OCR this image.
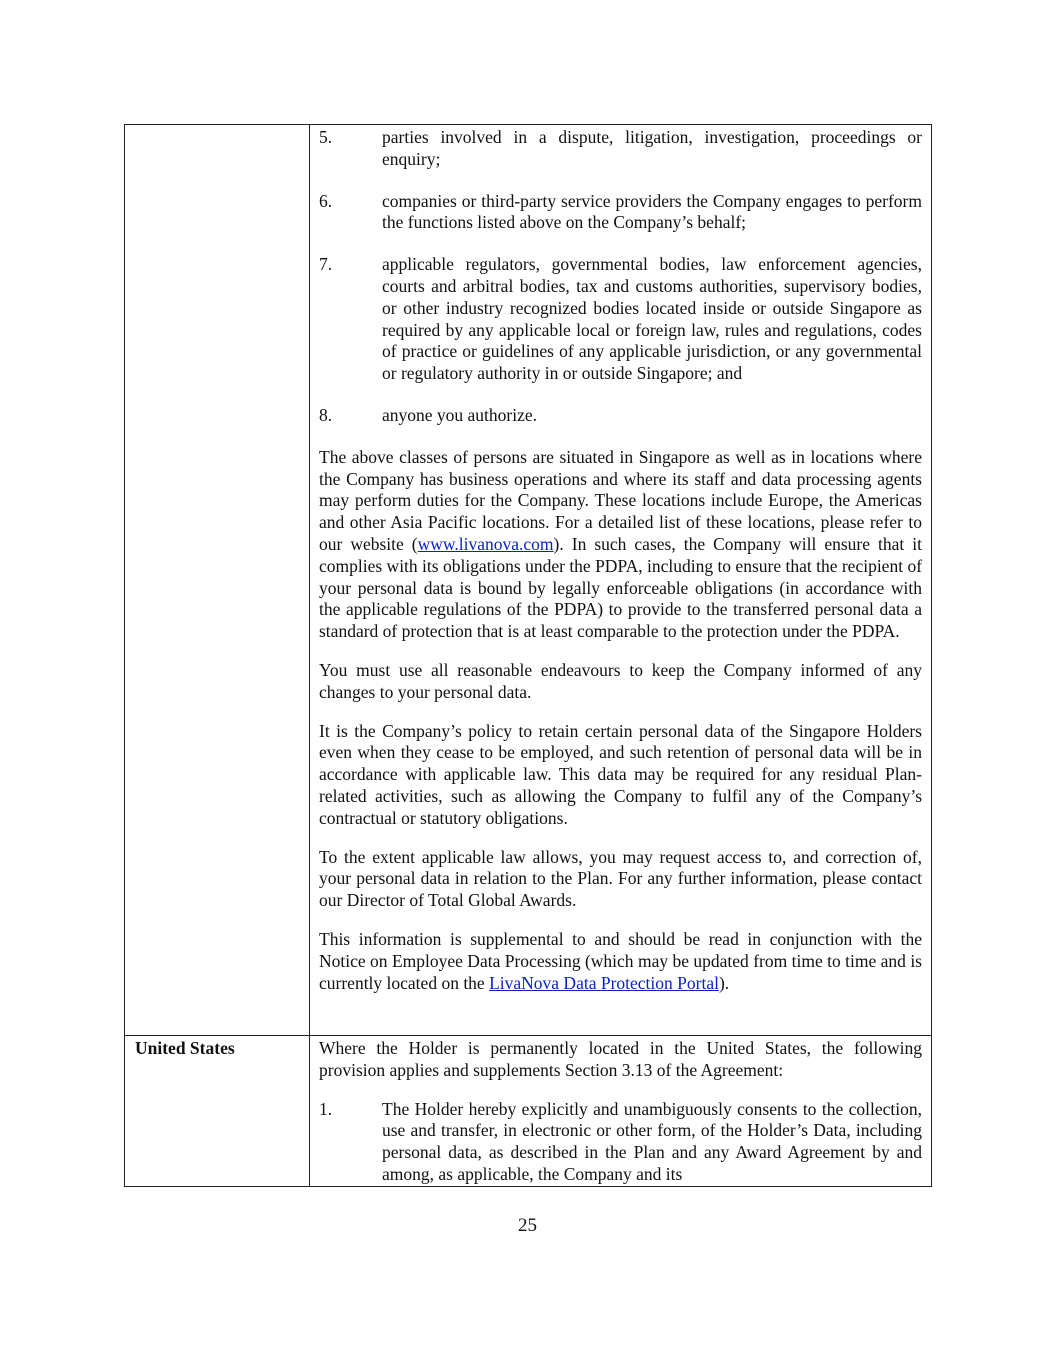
5.	parties involved in a dispute, litigation, investigation, proceedings or enquiry;
6.	companies or third-party service providers the Company engages to perform the functions listed above on the Company’s behalf;
7.	applicable regulators, governmental bodies, law enforcement agencies, courts and arbitral bodies, tax and customs authorities, supervisory bodies, or other industry recognized bodies located inside or outside Singapore as required by any applicable local or foreign law, rules and regulations, codes of practice or guidelines of any applicable jurisdiction, or any governmental or regulatory authority in or outside Singapore; and
8.	anyone you authorize.

The above classes of persons are situated in Singapore as well as in locations where the Company has business operations and where its staff and data processing agents may perform duties for the Company. These locations include Europe, the Americas and other Asia Pacific locations. For a detailed list of these locations, please refer to our website (www.livanova.com). In such cases, the Company will ensure that it complies with its obligations under the PDPA, including to ensure that the recipient of your personal data is bound by legally enforceable obligations (in accordance with the applicable regulations of the PDPA) to provide to the transferred personal data a standard of protection that is at least comparable to the protection under the PDPA.

You must use all reasonable endeavours to keep the Company informed of any changes to your personal data.

It is the Company’s policy to retain certain personal data of the Singapore Holders even when they cease to be employed, and such retention of personal data will be in accordance with applicable law. This data may be required for any residual Plan-related activities, such as allowing the Company to fulfil any of the Company’s contractual or statutory obligations.

To the extent applicable law allows, you may request access to, and correction of, your personal data in relation to the Plan. For any further information, please contact our Director of Total Global Awards.

This information is supplemental to and should be read in conjunction with the Notice on Employee Data Processing (which may be updated from time to time and is currently located on the LivaNova Data Protection Portal).

United States	Where the Holder is permanently located in the United States, the following provision applies and supplements Section 3.13 of the Agreement:

1. The Holder hereby explicitly and unambiguously consents to the collection, use and transfer, in electronic or other form, of the Holder’s Data, including personal data, as described in the Plan and any Award Agreement by and among, as applicable, the Company and its
25
